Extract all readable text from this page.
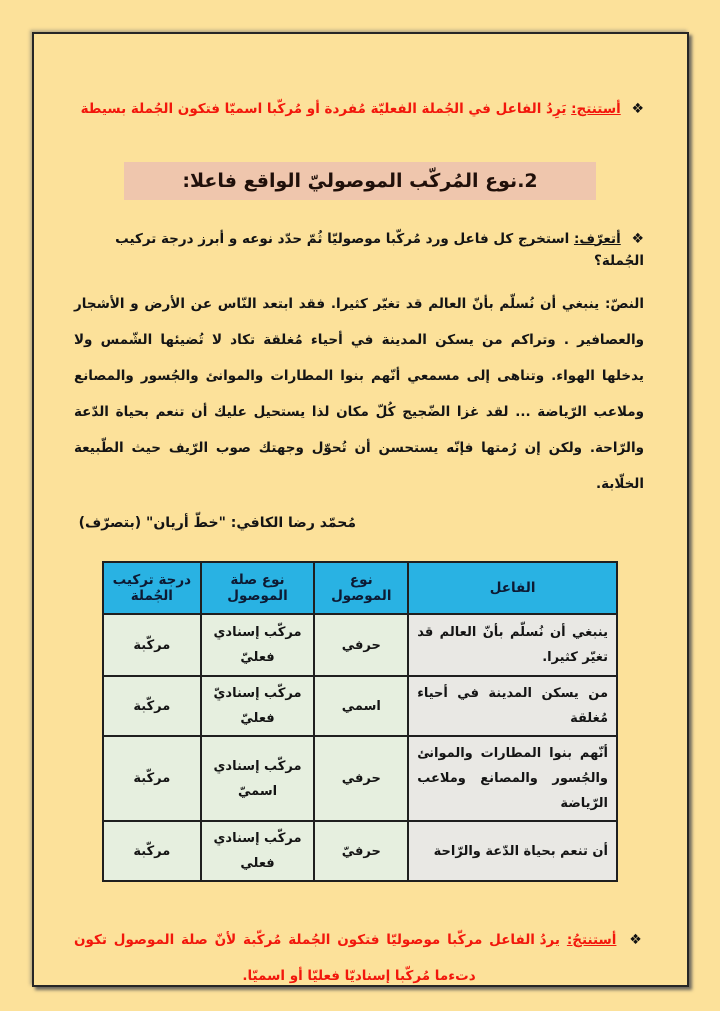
❖ أستنتج: يَرِدُ الفاعل في الجُملة الفعليّة مُفردة أو مُركّبا اسميّا فتكون الجُملة بسيطة

2.نوع المُركّب الموصوليّ الواقع فاعلا:

❖ أتعرّف: استخرج كل فاعل ورد مُركّبا موصوليّا ثُمّ حدّد نوعه و أبرز درجة تركيب الجُملة؟

النصّ: ينبغي أن نُسلّم بأنّ العالم قد تغيّر كثيرا. فقد ابتعد النّاس عن الأرض و الأشجار والعصافير . وتراكم من يسكن المدينة في أحياء مُغلقة تكاد لا تُضيئها الشّمس ولا يدخلها الهواء. وتناهى إلى مسمعي أنّهم بنوا المطارات والموانئ والجُسور والمصانع وملاعب الرّياضة ... لقد غزا الضّجيج كُلّ مكان لذا يستحيل عليك أن تنعم بحياة الدّعة والرّاحة. ولكن إن رُمتها فإنّه يستحسن أن تُحوّل وجهتك صوب الرّيف حيث الطّبيعة الخلّابة.

مُحمّد رضا الكافي: "خطّ أريان" (بتصرّف)

الفاعل	نوع الموصول	نوع صلة الموصول	درجة تركيب الجُملة
ينبغي أن نُسلّم بأنّ العالم قد تغيّر كثيرا.	حرفي	مركّب إسنادي فعليّ	مركّبة
من يسكن المدينة في أحياء مُغلقة	اسمي	مركّب إسناديّ فعليّ	مركّبة
أنّهم بنوا المطارات والموانئ والجُسور والمصانع وملاعب الرّياضة	حرفي	مركّب إسنادي اسميّ	مركّبة
أن تنعم بحياة الدّعة والرّاحة	حرفيّ	مركّب إسنادي فعلي	مركّبة

❖ أستنتجُ: يردُ الفاعل مركّبا موصوليّا فتكون الجُملة مُركّبة لأنّ صلة الموصول تكون دتءما مُركّبا إسناديّا فعليّا أو اسميّا.
